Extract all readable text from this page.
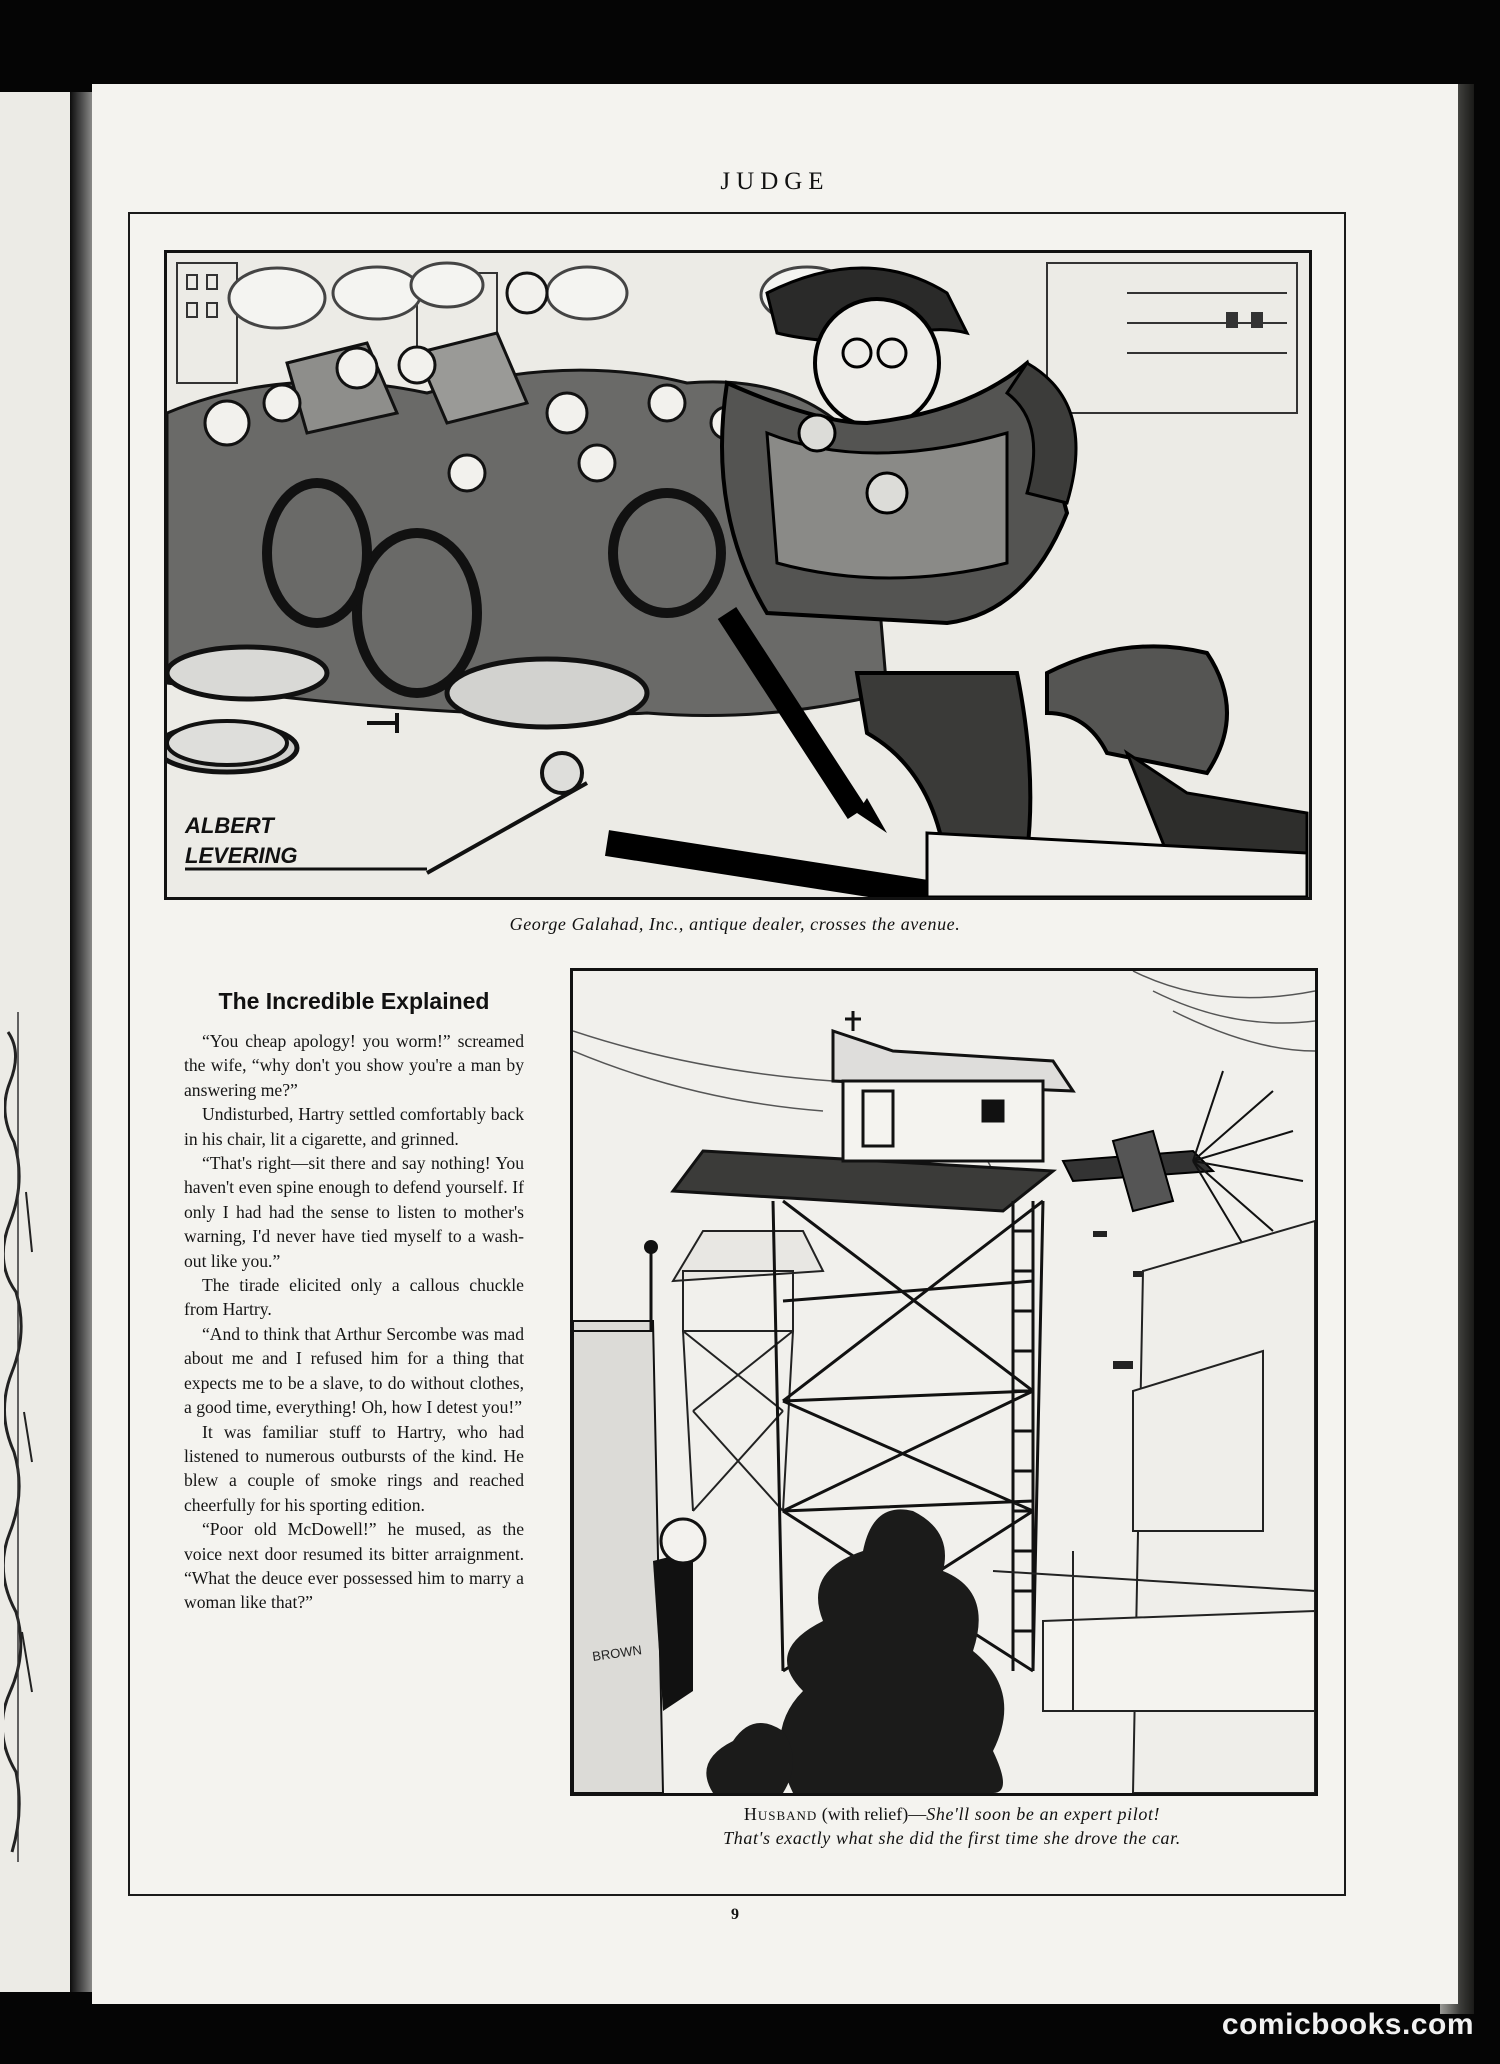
JUDGE
ALBERT
LEVERING
George Galahad, Inc., antique dealer, crosses the avenue.
The Incredible Explained

“You cheap apology! you worm!” screamed the wife, “why don't you show you're a man by answering me?”

Undisturbed, Hartry settled comfortably back in his chair, lit a cigarette, and grinned.

“That's right—sit there and say nothing! You haven't even spine enough to defend yourself. If only I had had the sense to listen to mother's warning, I'd never have tied myself to a wash-out like you.”

The tirade elicited only a callous chuckle from Hartry.

“And to think that Arthur Sercombe was mad about me and I refused him for a thing that expects me to be a slave, to do without clothes, a good time, everything! Oh, how I detest you!”

It was familiar stuff to Hartry, who had listened to numerous outbursts of the kind. He blew a couple of smoke rings and reached cheerfully for his sporting edition.

“Poor old McDowell!” he mused, as the voice next door resumed its bitter arraignment. “What the deuce ever possessed him to marry a woman like that?”

BROWN
Husband (with relief)—She'll soon be an expert pilot!
That's exactly what she did the first time she drove the car.
9
comicbooks.com
